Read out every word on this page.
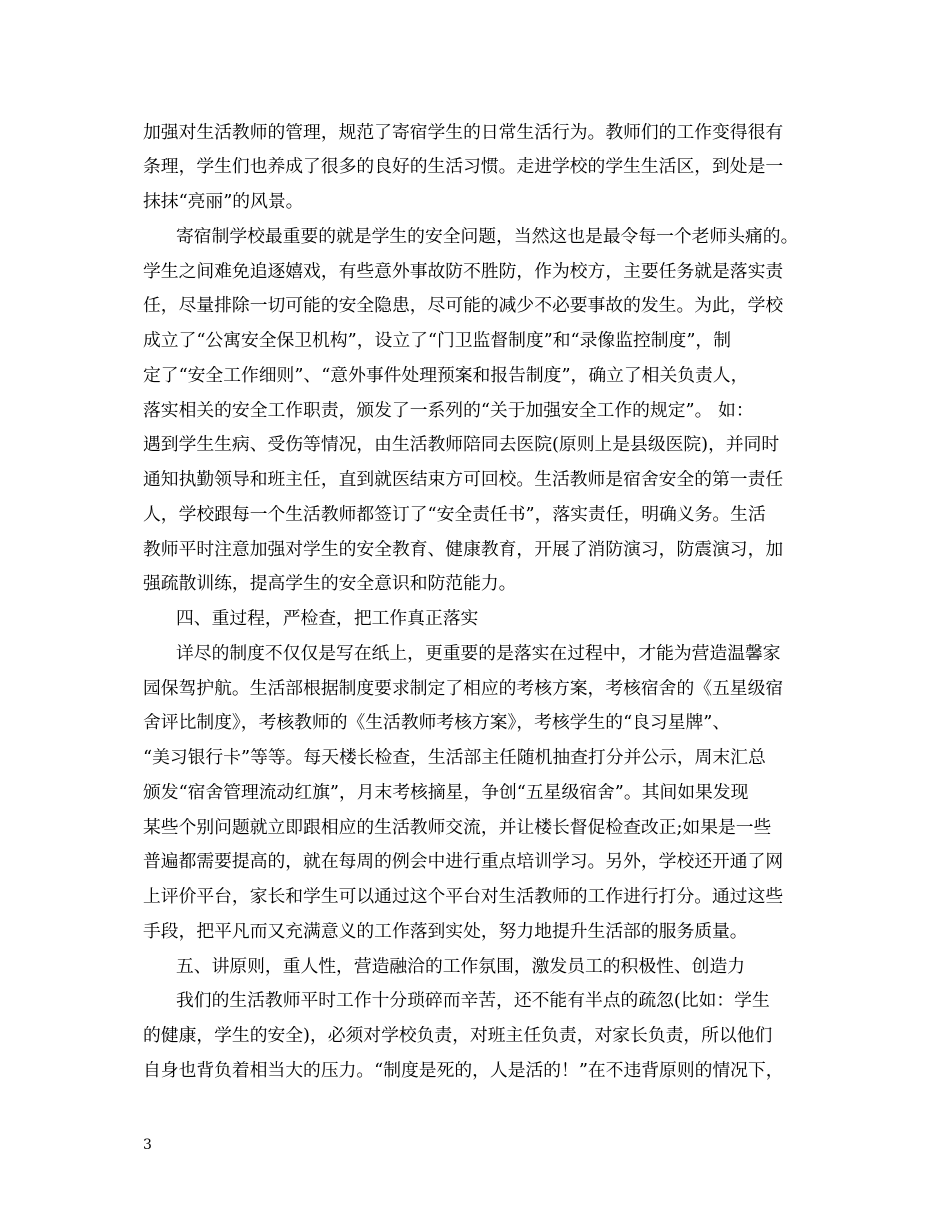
加强对生活教师的管理，规范了寄宿学生的日常生活行为。教师们的工作变得很有
条理，学生们也养成了很多的良好的生活习惯。走进学校的学生生活区，到处是一
抹抹“亮丽”的风景。
寄宿制学校最重要的就是学生的安全问题，当然这也是最令每一个老师头痛的。
学生之间难免追逐嬉戏，有些意外事故防不胜防，作为校方，主要任务就是落实责
任，尽量排除一切可能的安全隐患，尽可能的减少不必要事故的发生。为此，学校
成立了“公寓安全保卫机构”，设立了“门卫监督制度”和“录像监控制度”，制
定了“安全工作细则”、“意外事件处理预案和报告制度”，确立了相关负责人，
落实相关的安全工作职责，颁发了一系列的“关于加强安全工作的规定”。 如：
遇到学生生病、受伤等情况，由生活教师陪同去医院(原则上是县级医院)，并同时
通知执勤领导和班主任，直到就医结束方可回校。生活教师是宿舍安全的第一责任
人，学校跟每一个生活教师都签订了“安全责任书”，落实责任，明确义务。生活
教师平时注意加强对学生的安全教育、健康教育，开展了消防演习，防震演习，加
强疏散训练，提高学生的安全意识和防范能力。
四、重过程，严检查，把工作真正落实
详尽的制度不仅仅是写在纸上，更重要的是落实在过程中，才能为营造温馨家
园保驾护航。生活部根据制度要求制定了相应的考核方案，考核宿舍的《五星级宿
舍评比制度》，考核教师的《生活教师考核方案》，考核学生的“良习星牌”、
“美习银行卡”等等。每天楼长检查，生活部主任随机抽查打分并公示，周末汇总
颁发“宿舍管理流动红旗”，月末考核摘星，争创“五星级宿舍”。其间如果发现
某些个别问题就立即跟相应的生活教师交流，并让楼长督促检查改正;如果是一些
普遍都需要提高的，就在每周的例会中进行重点培训学习。另外，学校还开通了网
上评价平台，家长和学生可以通过这个平台对生活教师的工作进行打分。通过这些
手段，把平凡而又充满意义的工作落到实处，努力地提升生活部的服务质量。
五、讲原则，重人性，营造融洽的工作氛围，激发员工的积极性、创造力
我们的生活教师平时工作十分琐碎而辛苦，还不能有半点的疏忽(比如：学生
的健康，学生的安全)，必须对学校负责，对班主任负责，对家长负责，所以他们
自身也背负着相当大的压力。“制度是死的，人是活的！”在不违背原则的情况下，
3
